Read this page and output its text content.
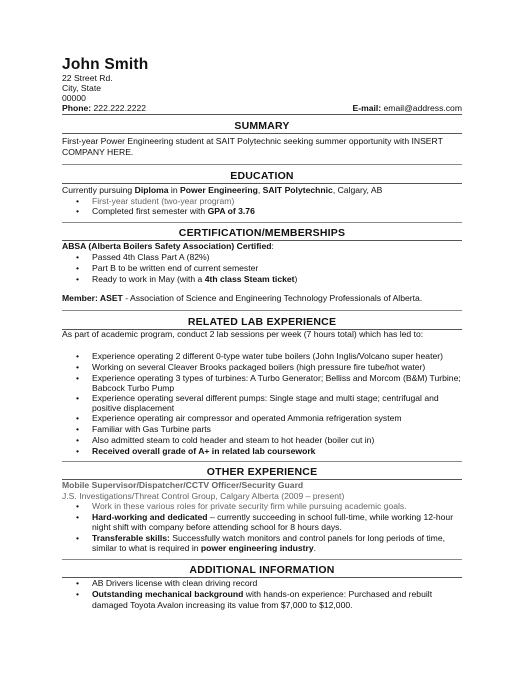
John Smith
22 Street Rd.
City, State
00000
Phone: 222.222.2222	E-mail: email@address.com
SUMMARY
First-year Power Engineering student at SAIT Polytechnic seeking summer opportunity with INSERT
COMPANY HERE.
EDUCATION
Currently pursuing Diploma in Power Engineering, SAIT Polytechnic, Calgary, AB
• First-year student (two-year program)
• Completed first semester with GPA of 3.76
CERTIFICATION/MEMBERSHIPS
ABSA (Alberta Boilers Safety Association) Certified:
• Passed 4th Class Part A (82%)
• Part B to be written end of current semester
• Ready to work in May (with a 4th class Steam ticket)
Member: ASET - Association of Science and Engineering Technology Professionals of Alberta.
RELATED LAB EXPERIENCE
As part of academic program, conduct 2 lab sessions per week (7 hours total) which has led to:
• Experience operating 2 different 0-type water tube boilers (John Inglis/Volcano super heater)
• Working on several Cleaver Brooks packaged boilers (high pressure fire tube/hot water)
• Experience operating 3 types of turbines: A Turbo Generator; Belliss and Morcom (B&M) Turbine;
Babcock Turbo Pump
• Experience operating several different pumps: Single stage and multi stage; centrifugal and
positive displacement
• Experience operating air compressor and operated Ammonia refrigeration system
• Familiar with Gas Turbine parts
• Also admitted steam to cold header and steam to hot header (boiler cut in)
• Received overall grade of A+ in related lab coursework
OTHER EXPERIENCE
Mobile Supervisor/Dispatcher/CCTV Officer/Security Guard
J.S. Investigations/Threat Control Group, Calgary Alberta (2009 – present)
• Work in these various roles for private security firm while pursuing academic goals.
• Hard-working and dedicated – currently succeeding in school full-time, while working 12-hour
night shift with company before attending school for 8 hours days.
• Transferable skills: Successfully watch monitors and control panels for long periods of time,
similar to what is required in power engineering industry.
ADDITIONAL INFORMATION
• AB Drivers license with clean driving record
• Outstanding mechanical background with hands-on experience: Purchased and rebuilt
damaged Toyota Avalon increasing its value from $7,000 to $12,000.
